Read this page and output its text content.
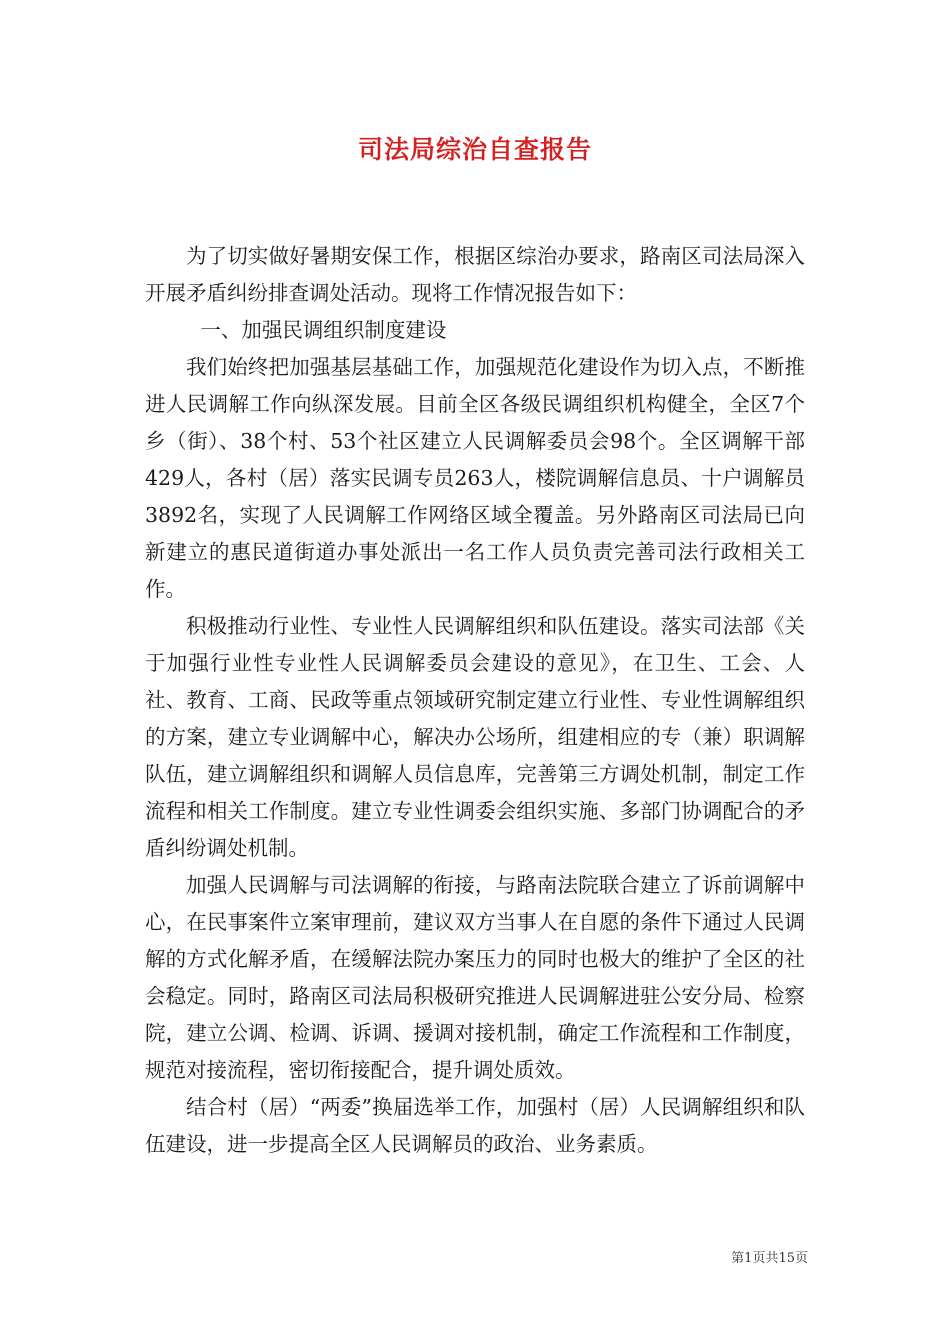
司法局综治自查报告

为了切实做好暑期安保工作，根据区综治办要求，路南区司法局深入开展矛盾纠纷排查调处活动。现将工作情况报告如下：

一、加强民调组织制度建设

我们始终把加强基层基础工作，加强规范化建设作为切入点，不断推进人民调解工作向纵深发展。目前全区各级民调组织机构健全，全区7个乡（街）、38个村、53个社区建立人民调解委员会98个。全区调解干部429人，各村（居）落实民调专员263人，楼院调解信息员、十户调解员3892名，实现了人民调解工作网络区域全覆盖。另外路南区司法局已向新建立的惠民道街道办事处派出一名工作人员负责完善司法行政相关工作。

积极推动行业性、专业性人民调解组织和队伍建设。落实司法部《关于加强行业性专业性人民调解委员会建设的意见》，在卫生、工会、人社、教育、工商、民政等重点领域研究制定建立行业性、专业性调解组织的方案，建立专业调解中心，解决办公场所，组建相应的专（兼）职调解队伍，建立调解组织和调解人员信息库，完善第三方调处机制，制定工作流程和相关工作制度。建立专业性调委会组织实施、多部门协调配合的矛盾纠纷调处机制。

加强人民调解与司法调解的衔接，与路南法院联合建立了诉前调解中心，在民事案件立案审理前，建议双方当事人在自愿的条件下通过人民调解的方式化解矛盾，在缓解法院办案压力的同时也极大的维护了全区的社会稳定。同时，路南区司法局积极研究推进人民调解进驻公安分局、检察院，建立公调、检调、诉调、援调对接机制，确定工作流程和工作制度，规范对接流程，密切衔接配合，提升调处质效。

结合村（居）“两委”换届选举工作，加强村（居）人民调解组织和队伍建设，进一步提高全区人民调解员的政治、业务素质。

第1页共15页
